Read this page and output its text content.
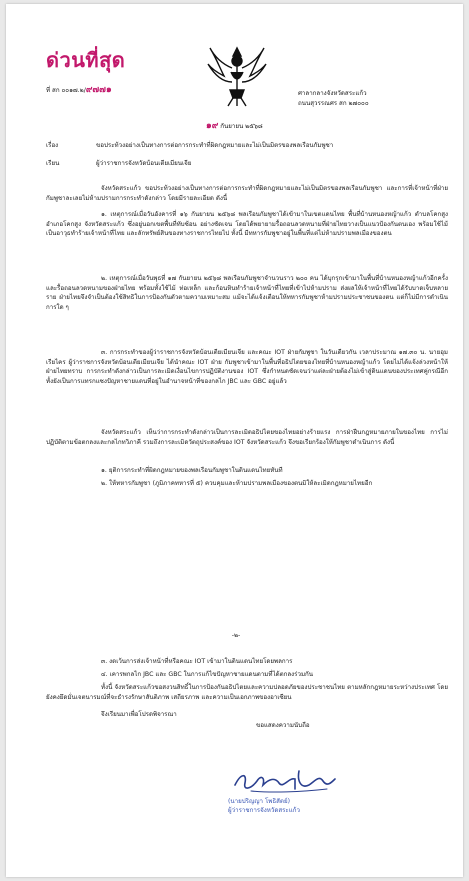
ด่วนที่สุด
ที่ สก ๐๐๑๗.๒/๙๗๗๑	ศาลากลางจังหวัดสระแก้ว
ถนนสุวรรณศร สก ๒๗๐๐๐
๑๙ กันยายน ๒๕๖๘
เรื่อง	ขอประท้วงอย่างเป็นทางการต่อการกระทำที่ผิดกฎหมายและไม่เป็นมิตรของพลเรือนกัมพูชา
เรียน	ผู้ว่าราชการจังหวัดบ้อนเตียเมียนเจีย

จังหวัดสระแก้ว ขอประท้วงอย่างเป็นทางการต่อการกระทำที่ผิดกฎหมายและไม่เป็นมิตรของพลเรือนกัมพูชา และการที่เจ้าหน้าที่ฝ่ายกัมพูชาละเลยไม่ห้ามปรามการกระทำดังกล่าว โดยมีรายละเอียด ดังนี้

๑. เหตุการณ์เมื่อวันอังคารที่ ๑๖ กันยายน ๒๕๖๘ พลเรือนกัมพูชาได้เข้ามาในเขตแดนไทย พื้นที่บ้านหนองหญ้าแก้ว ตำบลโคกสูง อำเภอโคกสูง จังหวัดสระแก้ว ซึ่งอยู่นอกเขตพื้นที่ทับซ้อน อย่างชัดเจน โดยได้พยายามรื้อถอนลวดหนามที่ฝ่ายไทยวางเป็นแนวป้องกันตนเอง พร้อมใช้ไม้เป็นอาวุธทำร้ายเจ้าหน้าที่ไทย และลักทรัพย์สินของทางราชการไทยไป ทั้งนี้ มีทหารกัมพูชาอยู่ในพื้นที่แต่ไม่ห้ามปรามพลเมืองของตน

๒. เหตุการณ์เมื่อวันพุธที่ ๑๗ กันยายน ๒๕๖๘ พลเรือนกัมพูชาจำนวนราว ๒๐๐ คน ได้บุกรุกเข้ามาในพื้นที่บ้านหนองหญ้าแก้วอีกครั้ง และรื้อถอนลวดหนามของฝ่ายไทย พร้อมทั้งใช้ไม้ ท่อเหล็ก และก้อนหินทำร้ายเจ้าหน้าที่ไทยที่เข้าไปห้ามปราม ส่งผลให้เจ้าหน้าที่ไทยได้รับบาดเจ็บหลายราย ฝ่ายไทยจึงจำเป็นต้องใช้สิทธิในการป้องกันตัวตามความเหมาะสม แม้จะได้แจ้งเตือนให้ทหารกัมพูชาห้ามปรามประชาชนของตน แต่ก็ไม่มีการดำเนินการใด ๆ

๓. การกระทำของผู้ว่าราชการจังหวัดบ้อนเตียเมียนเจีย และคณะ IOT ฝ่ายกัมพูชา ในวันเดียวกัน เวลาประมาณ ๑๗.๓๐ น. นายอุม เรียไคร ผู้ว่าราชการจังหวัดบ้อนเตียเมียนเจีย ได้นำคณะ IOT ฝ่าย กัมพูชาเข้ามาในพื้นที่อธิปไตยของไทยที่บ้านหนองหญ้าแก้ว โดยไม่ได้แจ้งล่วงหน้าให้ฝ่ายไทยทราบ การกระทำดังกล่าวเป็นการละเมิดเงื่อนไขการปฏิบัติงานของ IOT ซึ่งกำหนดชัดเจนว่าแต่ละฝ่ายต้องไม่เข้าสู่ดินแดนของประเทศคู่กรณีอีกทั้งยังเป็นการแทรกแซงปัญหาชายแดนที่อยู่ในอำนาจหน้าที่ของกลไก JBC และ GBC อยู่แล้ว

จังหวัดสระแก้ว เห็นว่าการกระทำดังกล่าวเป็นการละเมิดอธิปไตยของไทยอย่างร้ายแรง การฝ่าฝืนกฎหมายภายในของไทย การไม่ปฏิบัติตามข้อตกลงและกลไกทวิภาคี รวมถึงการละเมิดวัตถุประสงค์ของ IOT จังหวัดสระแก้ว จึงขอเรียกร้องให้กัมพูชาดำเนินการ ดังนี้

๑. ยุติการกระทำที่ผิดกฎหมายของพลเรือนกัมพูชาในดินแดนไทยทันที

๒. ให้ทหารกัมพูชา (ภูมิภาคทหารที่ ๕) ควบคุมและห้ามปรามพลเมืองของตนมิให้ละเมิดกฎหมายไทยอีก

-๒-

๓. งดเว้นการส่งเจ้าหน้าที่หรือคณะ IOT เข้ามาในดินแดนไทยโดยพลการ

๔. เคารพกลไก JBC และ GBC ในการแก้ไขปัญหาชายแดนตามที่ได้ตกลงร่วมกัน

ทั้งนี้ จังหวัดสระแก้วขอสงวนสิทธิ์ในการป้องกันอธิปไตยและความปลอดภัยของประชาชนไทย ตามหลักกฎหมายระหว่างประเทศ โดยยังคงยึดมั่นเจตนารมณ์ที่จะธำรงรักษาสันติภาพ เสถียรภาพ และความเป็นเอกภาพของอาเซียน

จึงเรียนมาเพื่อโปรดพิจารณา

ขอแสดงความนับถือ
(นายปริญญา โพธิสัตย์)
ผู้ว่าราชการจังหวัดสระแก้ว
